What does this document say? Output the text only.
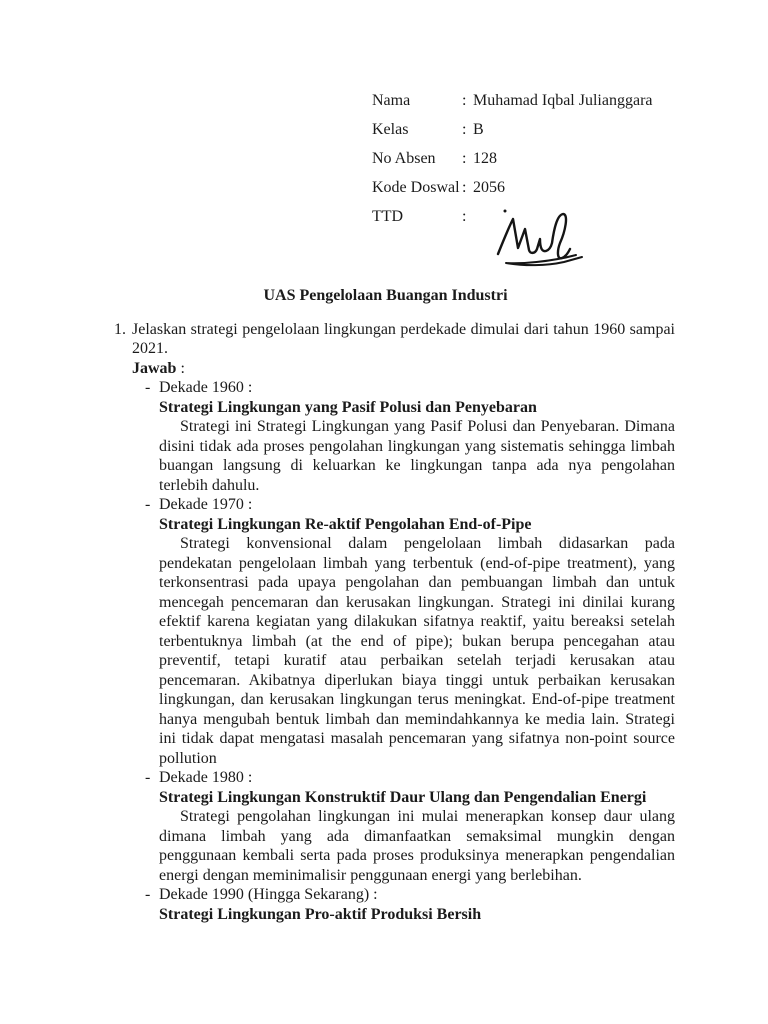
Nama	: Muhamad Iqbal Julianggara
Kelas	: B
No Absen	: 128
Kode Doswal : 2056
TTD	:
UAS Pengelolaan Buangan Industri
1. Jelaskan strategi pengelolaan lingkungan perdekade dimulai dari tahun 1960 sampai 2021.

Jawab :

- Dekade 1960 :
Strategi Lingkungan yang Pasif Polusi dan Penyebaran

Strategi ini Strategi Lingkungan yang Pasif Polusi dan Penyebaran. Dimana disini tidak ada proses pengolahan lingkungan yang sistematis sehingga limbah buangan langsung di keluarkan ke lingkungan tanpa ada nya pengolahan terlebih dahulu.

- Dekade 1970 :
Strategi Lingkungan Re-aktif Pengolahan End-of-Pipe

Strategi konvensional dalam pengelolaan limbah didasarkan pada pendekatan pengelolaan limbah yang terbentuk (end-of-pipe treatment), yang terkonsentrasi pada upaya pengolahan dan pembuangan limbah dan untuk mencegah pencemaran dan kerusakan lingkungan. Strategi ini dinilai kurang efektif karena kegiatan yang dilakukan sifatnya reaktif, yaitu bereaksi setelah terbentuknya limbah (at the end of pipe); bukan berupa pencegahan atau preventif, tetapi kuratif atau perbaikan setelah terjadi kerusakan atau pencemaran. Akibatnya diperlukan biaya tinggi untuk perbaikan kerusakan lingkungan, dan kerusakan lingkungan terus meningkat. End-of-pipe treatment hanya mengubah bentuk limbah dan memindahkannya ke media lain. Strategi ini tidak dapat mengatasi masalah pencemaran yang sifatnya non-point source pollution

- Dekade 1980 :
Strategi Lingkungan Konstruktif Daur Ulang dan Pengendalian Energi

Strategi pengolahan lingkungan ini mulai menerapkan konsep daur ulang dimana limbah yang ada dimanfaatkan semaksimal mungkin dengan penggunaan kembali serta pada proses produksinya menerapkan pengendalian energi dengan meminimalisir penggunaan energi yang berlebihan.

- Dekade 1990 (Hingga Sekarang) :
Strategi Lingkungan Pro-aktif Produksi Bersih
